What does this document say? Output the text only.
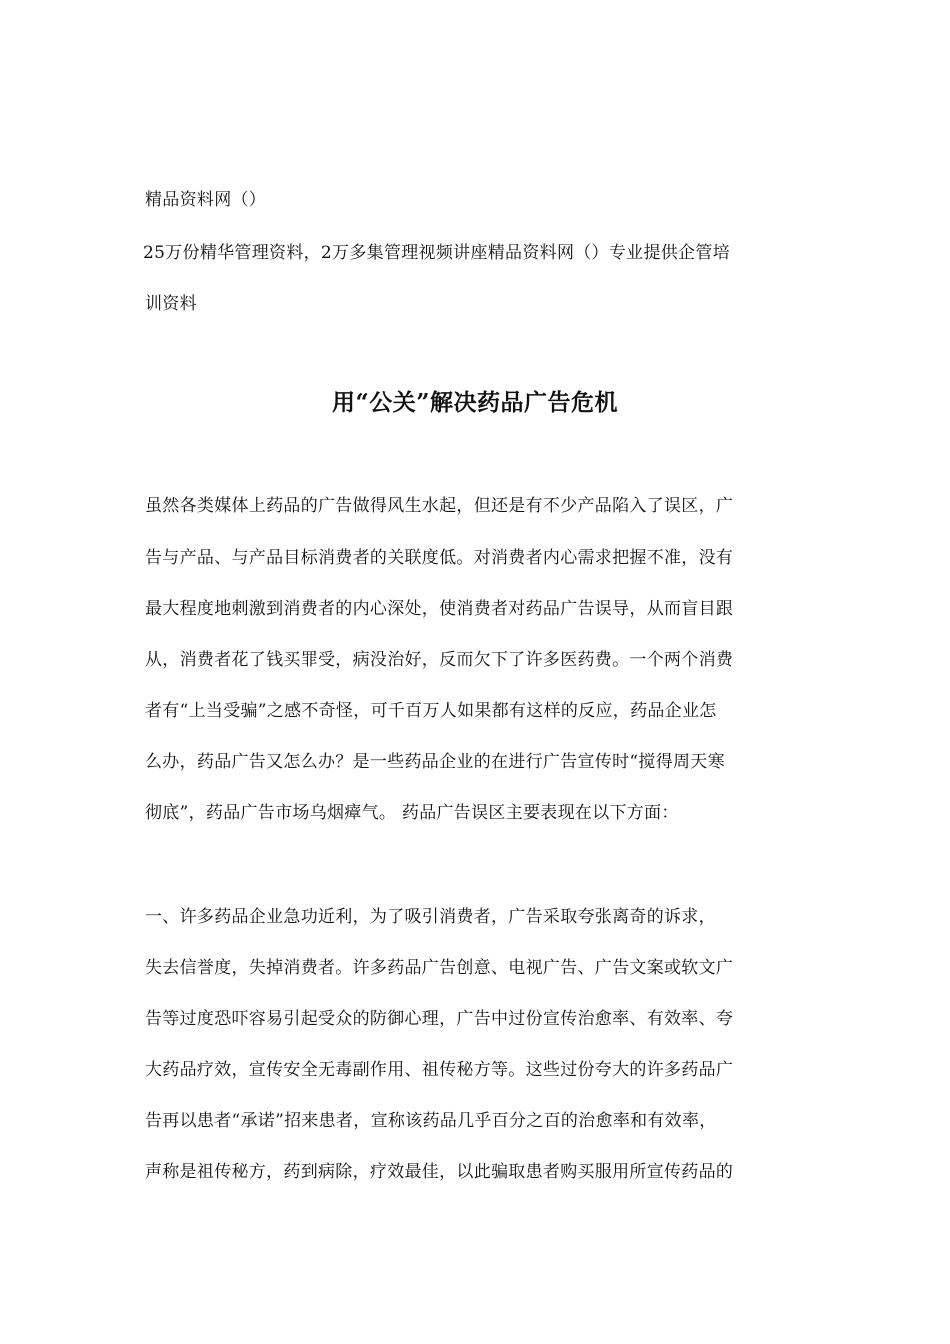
精品资料网（）
25万份精华管理资料，2万多集管理视频讲座精品资料网（）专业提供企管培
训资料
用“公关”解决药品广告危机
虽然各类媒体上药品的广告做得风生水起，但还是有不少产品陷入了误区，广
告与产品、与产品目标消费者的关联度低。对消费者内心需求把握不准，没有
最大程度地刺激到消费者的内心深处，使消费者对药品广告误导，从而盲目跟
从，消费者花了钱买罪受，病没治好，反而欠下了许多医药费。一个两个消费
者有“上当受骗”之感不奇怪，可千百万人如果都有这样的反应，药品企业怎
么办，药品广告又怎么办？是一些药品企业的在进行广告宣传时“搅得周天寒
彻底”，药品广告市场乌烟瘴气。 药品广告误区主要表现在以下方面：
一、许多药品企业急功近利，为了吸引消费者，广告采取夸张离奇的诉求，
失去信誉度，失掉消费者。许多药品广告创意、电视广告、广告文案或软文广
告等过度恐吓容易引起受众的防御心理，广告中过份宣传治愈率、有效率、夸
大药品疗效，宣传安全无毒副作用、祖传秘方等。这些过份夸大的许多药品广
告再以患者“承诺”招来患者，宣称该药品几乎百分之百的治愈率和有效率，
声称是祖传秘方，药到病除，疗效最佳，以此骗取患者购买服用所宣传药品的
